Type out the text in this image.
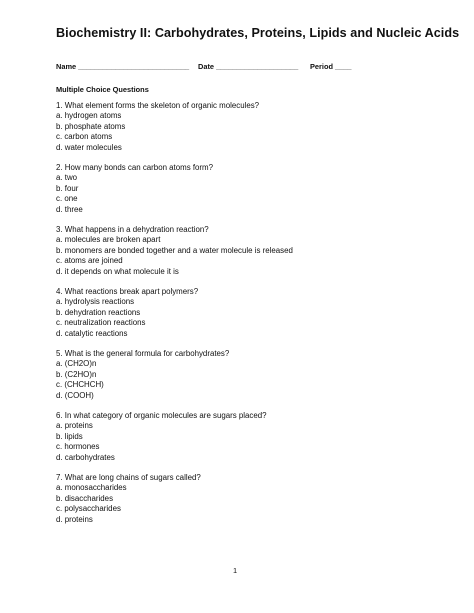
Biochemistry II: Carbohydrates, Proteins, Lipids and Nucleic Acids
Name ___________________________ Date ____________________ Period ____
Multiple Choice Questions
1. What element forms the skeleton of organic molecules?
a. hydrogen atoms
b. phosphate atoms
c. carbon atoms
d. water molecules
2. How many bonds can carbon atoms form?
a. two
b. four
c. one
d. three
3. What happens in a dehydration reaction?
a. molecules are broken apart
b. monomers are bonded together and a water molecule is released
c. atoms are joined
d. it depends on what molecule it is
4. What reactions break apart polymers?
a. hydrolysis reactions
b. dehydration reactions
c. neutralization reactions
d. catalytic reactions
5. What is the general formula for carbohydrates?
a. (CH2O)n
b. (C2HO)n
c. (CHCHCH)
d. (COOH)
6. In what category of organic molecules are sugars placed?
a. proteins
b. lipids
c. hormones
d. carbohydrates
7. What are long chains of sugars called?
a. monosaccharides
b. disaccharides
c. polysaccharides
d. proteins
1
